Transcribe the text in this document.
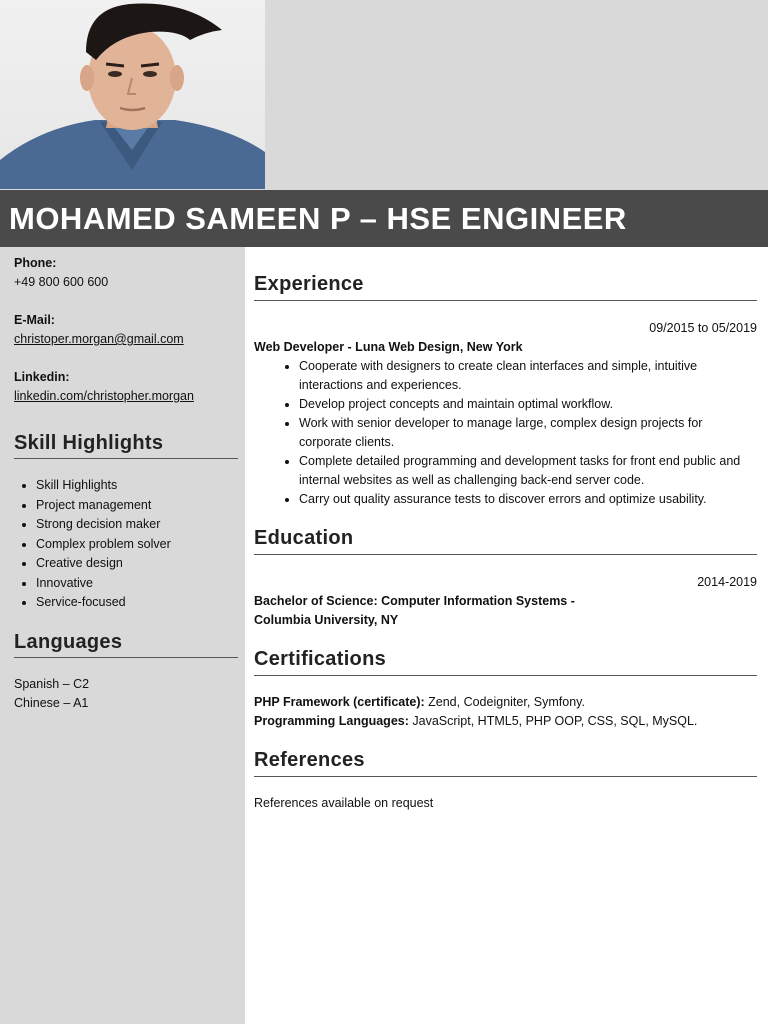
MOHAMED SAMEEN P – HSE ENGINEER
Phone:
+49 800 600 600
E-Mail:
christoper.morgan@gmail.com
Linkedin:
linkedin.com/christopher.morgan
Skill Highlights
• Skill Highlights
• Project management
• Strong decision maker
• Complex problem solver
• Creative design
• Innovative
• Service-focused
Languages
Spanish – C2
Chinese – A1
Experience
09/2015 to 05/2019
Web Developer - Luna Web Design, New York
• Cooperate with designers to create clean interfaces and simple, intuitive interactions and experiences.
• Develop project concepts and maintain optimal workflow.
• Work with senior developer to manage large, complex design projects for corporate clients.
• Complete detailed programming and development tasks for front end public and internal websites as well as challenging back-end server code.
• Carry out quality assurance tests to discover errors and optimize usability.
Education
2014-2019
Bachelor of Science: Computer Information Systems -
Columbia University, NY
Certifications
PHP Framework (certificate): Zend, Codeigniter, Symfony.
Programming Languages: JavaScript, HTML5, PHP OOP, CSS, SQL, MySQL.
References
References available on request
